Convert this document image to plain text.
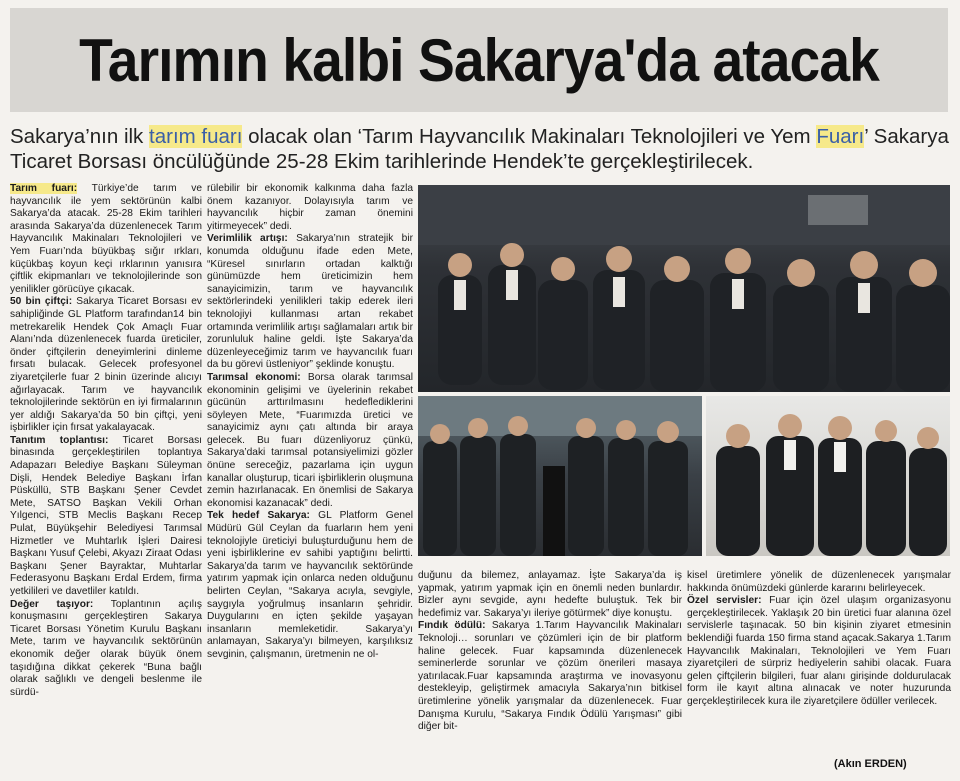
Tarımın kalbi Sakarya'da atacak
Sakarya’nın ilk tarım fuarı olacak olan ‘Tarım Hayvancılık Makinaları Teknolojileri ve Yem Fuarı’ Sakarya Ticaret Borsası öncülüğünde 25-28 Ekim tarihlerinde Hendek’te gerçekleştirilecek.

Tarım fuarı: Türkiye’de tarım ve hayvancılık ile yem sektörünün kalbi Sakarya’da atacak. 25-28 Ekim tarihleri arasında Sakarya’da düzenlenecek Tarım Hayvancılık Makinaları Teknolojileri ve Yem Fuarı’nda büyükbaş sığır ırkları, küçükbaş koyun keçi ırklarının yanısıra çiftlik ekipmanları ve teknolojilerinde son yenilikler görücüye çıkacak.

50 bin çiftçi: Sakarya Ticaret Borsası ev sahipliğinde GL Platform tarafından14 bin metrekarelik Hendek Çok Amaçlı Fuar Alanı’nda düzenlenecek fuarda üreticiler, önder çiftçilerin deneyimlerini dinleme fırsatı bulacak. Gelecek profesyonel ziyaretçilerle fuar 2 binin üzerinde alıcıyı ağırlayacak. Tarım ve hayvancılık teknolojilerinde sektörün en iyi firmalarının yer aldığı Sakarya’da 50 bin çiftçi, yeni işbirlikler için fırsat yakalayacak.

Tanıtım toplantısı: Ticaret Borsası binasında gerçekleştirilen toplantıya Adapazarı Belediye Başkanı Süleyman Dişli, Hendek Belediye Başkanı İrfan Püsküllü, STB Başkanı Şener Cevdet Mete, SATSO Başkan Vekili Orhan Yılgenci, STB Meclis Başkanı Recep Pulat, Büyükşehir Belediyesi Tarımsal Hizmetler ve Muhtarlık İşleri Dairesi Başkanı Yusuf Çelebi, Akyazı Ziraat Odası Başkanı Şener Bayraktar, Muhtarlar Federasyonu Başkanı Erdal Erdem, firma yetkilileri ve davetliler katıldı.

Değer taşıyor: Toplantının açılış konuşmasını gerçekleştiren Sakarya Ticaret Borsası Yönetim Kurulu Başkanı Mete, tarım ve hayvancılık sektörünün ekonomik değer olarak büyük önem taşıdığına dikkat çekerek “Buna bağlı olarak sağlıklı ve dengeli beslenme ile sürdü-

rülebilir bir ekonomik kalkınma daha fazla önem kazanıyor. Dolayısıyla tarım ve hayvancılık hiçbir zaman önemini yitirmeyecek” dedi.

Verimlilik artışı: Sakarya’nın stratejik bir konumda olduğunu ifade eden Mete, “Küresel sınırların ortadan kalktığı günümüzde hem üreticimizin hem sanayicimizin, tarım ve hayvancılık sektörlerindeki yenilikleri takip ederek ileri teknolojiyi kullanması artan rekabet ortamında verimlilik artışı sağlamaları artık bir zorunluluk haline geldi. İşte Sakarya’da düzenleyeceğimiz tarım ve hayvancılık fuarı da bu görevi üstleniyor” şeklinde konuştu.

Tarımsal ekonomi: Borsa olarak tarımsal ekonominin gelişimi ve üyelerinin rekabet gücünün arttırılmasını hedeflediklerini söyleyen Mete, “Fuarımızda üretici ve sanayicimiz aynı çatı altında bir araya gelecek. Bu fuarı düzenliyoruz çünkü, Sakarya’daki tarımsal potansiyelimizi gözler önüne sereceğiz, pazarlama için uygun kanallar oluşturup, ticari işbirliklerin oluşmuna zemin hazırlanacak. En önemlisi de Sakarya ekonomisi kazanacak” dedi.

Tek hedef Sakarya: GL Platform Genel Müdürü Gül Ceylan da fuarların hem yeni teknolojiyle üreticiyi buluşturduğunu hem de yeni işbirliklerine ev sahibi yaptığını belirtti. Sakarya’da tarım ve hayvancılık sektöründe yatırım yapmak için onlarca neden olduğunu belirten Ceylan, “Sakarya acıyla, sevgiyle, saygıyla yoğrulmuş insanların şehridir. Duygularını en içten şekilde yaşayan insanların memleketidir. Sakarya’yı anlamayan, Sakarya’yı bilmeyen, karşılıksız sevginin, çalışmanın, üretmenin ne ol-

duğunu da bilemez, anlayamaz. İşte Sakarya’da iş yapmak, yatırım yapmak için en önemli neden bunlardır. Bizler aynı sevgide, aynı hedefte buluştuk. Tek bir hedefimiz var. Sakarya’yı ileriye götürmek” diye konuştu.

Fındık ödülü: Sakarya 1.Tarım Hayvancılık Makinaları Teknoloji… sorunları ve çözümleri için de bir platform haline gelecek. Fuar kapsamında düzenlenecek seminerlerde sorunlar ve çözüm önerileri masaya yatırılacak.Fuar kapsamında araştırma ve inovasyonu destekleyip, geliştirmek amacıyla Sakarya’nın bitkisel üretimlerine yönelik yarışmalar da düzenlenecek. Fuar Danışma Kurulu, “Sakarya Fındık Ödülü Yarışması” gibi diğer bit-

kisel üretimlere yönelik de düzenlenecek yarışmalar hakkında önümüzdeki günlerde kararını belirleyecek.

Özel servisler: Fuar için özel ulaşım organizasyonu gerçekleştirilecek. Yaklaşık 20 bin üretici fuar alanına özel servislerle taşınacak. 50 bin kişinin ziyaret etmesinin beklendiği fuarda 150 firma stand açacak.Sakarya 1.Tarım Hayvancılık Makinaları, Teknolojileri ve Yem Fuarı ziyaretçileri de sürpriz hediyelerin sahibi olacak. Fuara gelen çiftçilerin bilgileri, fuar alanı girişinde doldurulacak form ile kayıt altına alınacak ve noter huzurunda gerçekleştirilecek kura ile ziyaretçilere ödüller verilecek.

(Akın ERDEN)
